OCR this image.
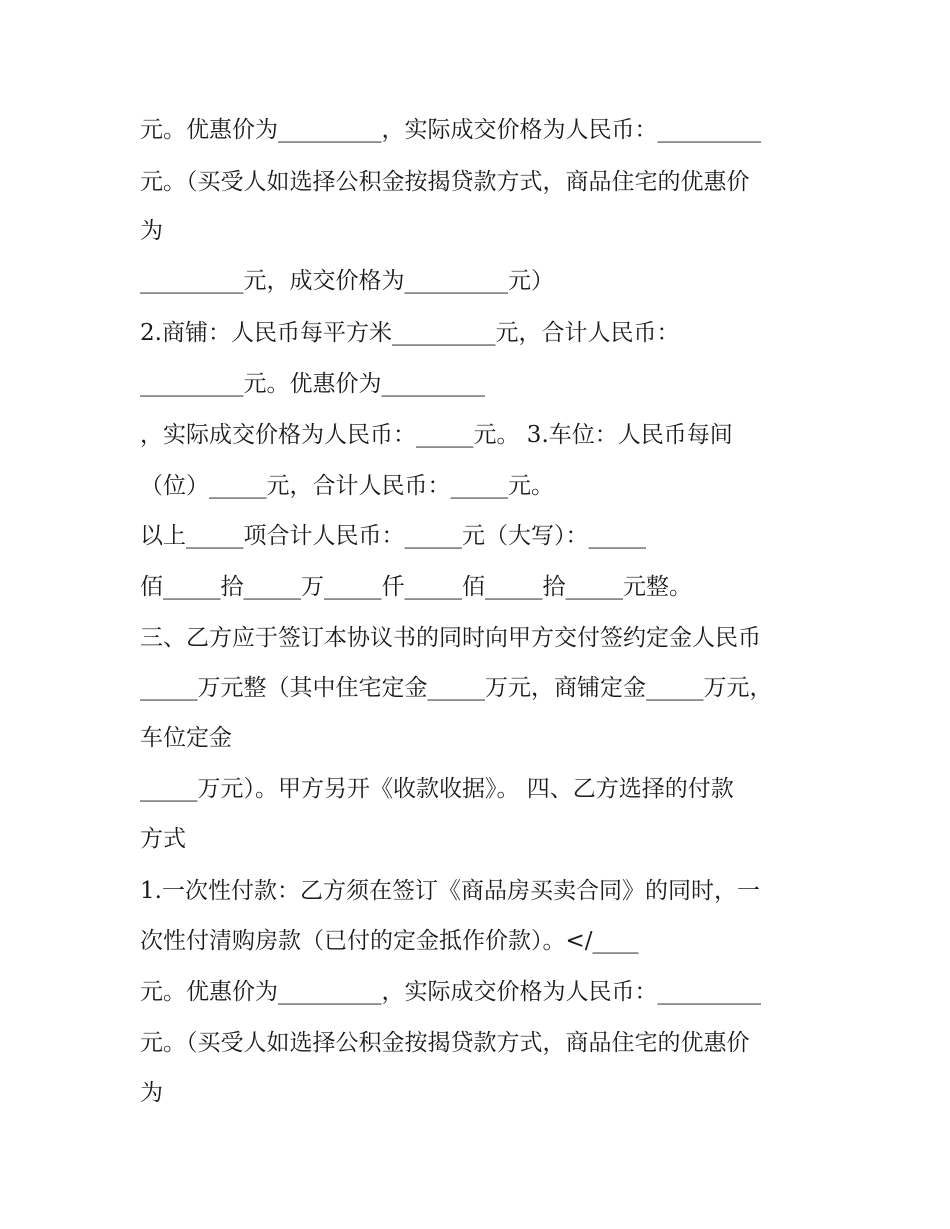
元。优惠价为_________，实际成交价格为人民币：_________

元。（买受人如选择公积金按揭贷款方式，商品住宅的优惠价

为

_________元，成交价格为_________元）

2.商铺：人民币每平方米_________元，合计人民币：

_________元。优惠价为_________

，实际成交价格为人民币：_____元。 3.车位：人民币每间

（位）_____元，合计人民币：_____元。

以上_____项合计人民币：_____元（大写）：_____

佰_____拾_____万_____仟_____佰_____拾_____元整。

三、乙方应于签订本协议书的同时向甲方交付签约定金人民币

_____万元整（其中住宅定金_____万元，商铺定金_____万元，

车位定金

_____万元）。甲方另开《收款收据》。 四、乙方选择的付款

方式

1.一次性付款：乙方须在签订《商品房买卖合同》的同时，一

次性付清购房款（已付的定金抵作价款）。</____

元。优惠价为_________，实际成交价格为人民币：_________

元。（买受人如选择公积金按揭贷款方式，商品住宅的优惠价

为
